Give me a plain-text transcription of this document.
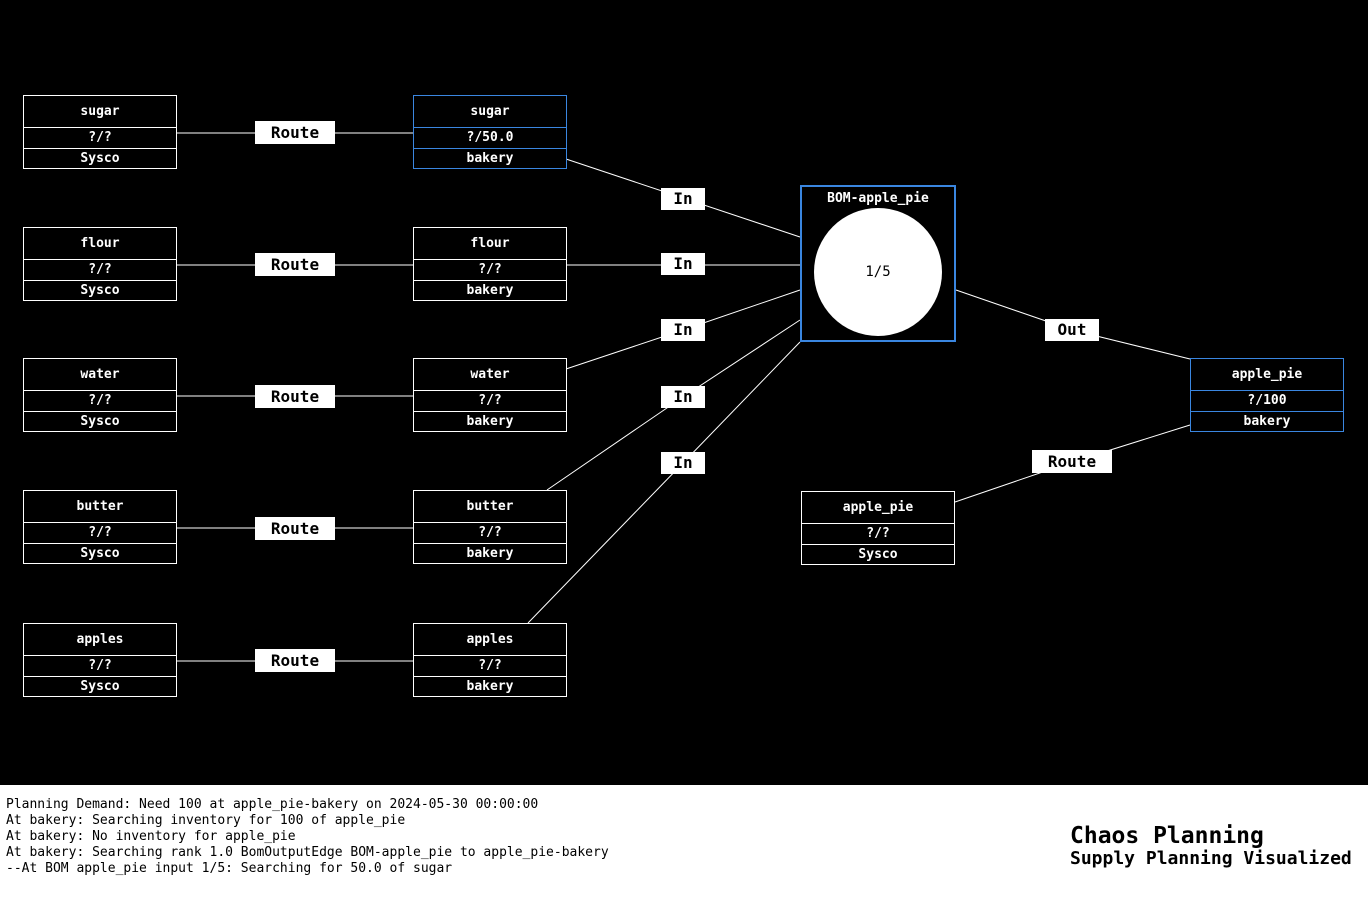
sugar
?/?
Sysco
flour
?/?
Sysco
water
?/?
Sysco
butter
?/?
Sysco
apples
?/?
Sysco
sugar
?/50.0
bakery
flour
?/?
bakery
water
?/?
bakery
butter
?/?
bakery
apples
?/?
bakery
BOM-apple_pie
1/5
apple_pie
?/100
bakery
apple_pie
?/?
Sysco
Route
Route
Route
Route
Route
In
In
In
In
In
Out
Route
Planning Demand: Need 100 at apple_pie-bakery on 2024-05-30 00:00:00
At bakery: Searching inventory for 100 of apple_pie
At bakery: No inventory for apple_pie
At bakery: Searching rank 1.0 BomOutputEdge BOM-apple_pie to apple_pie-bakery
--At BOM apple_pie input 1/5: Searching for 50.0 of sugar
Chaos Planning
Supply Planning Visualized
